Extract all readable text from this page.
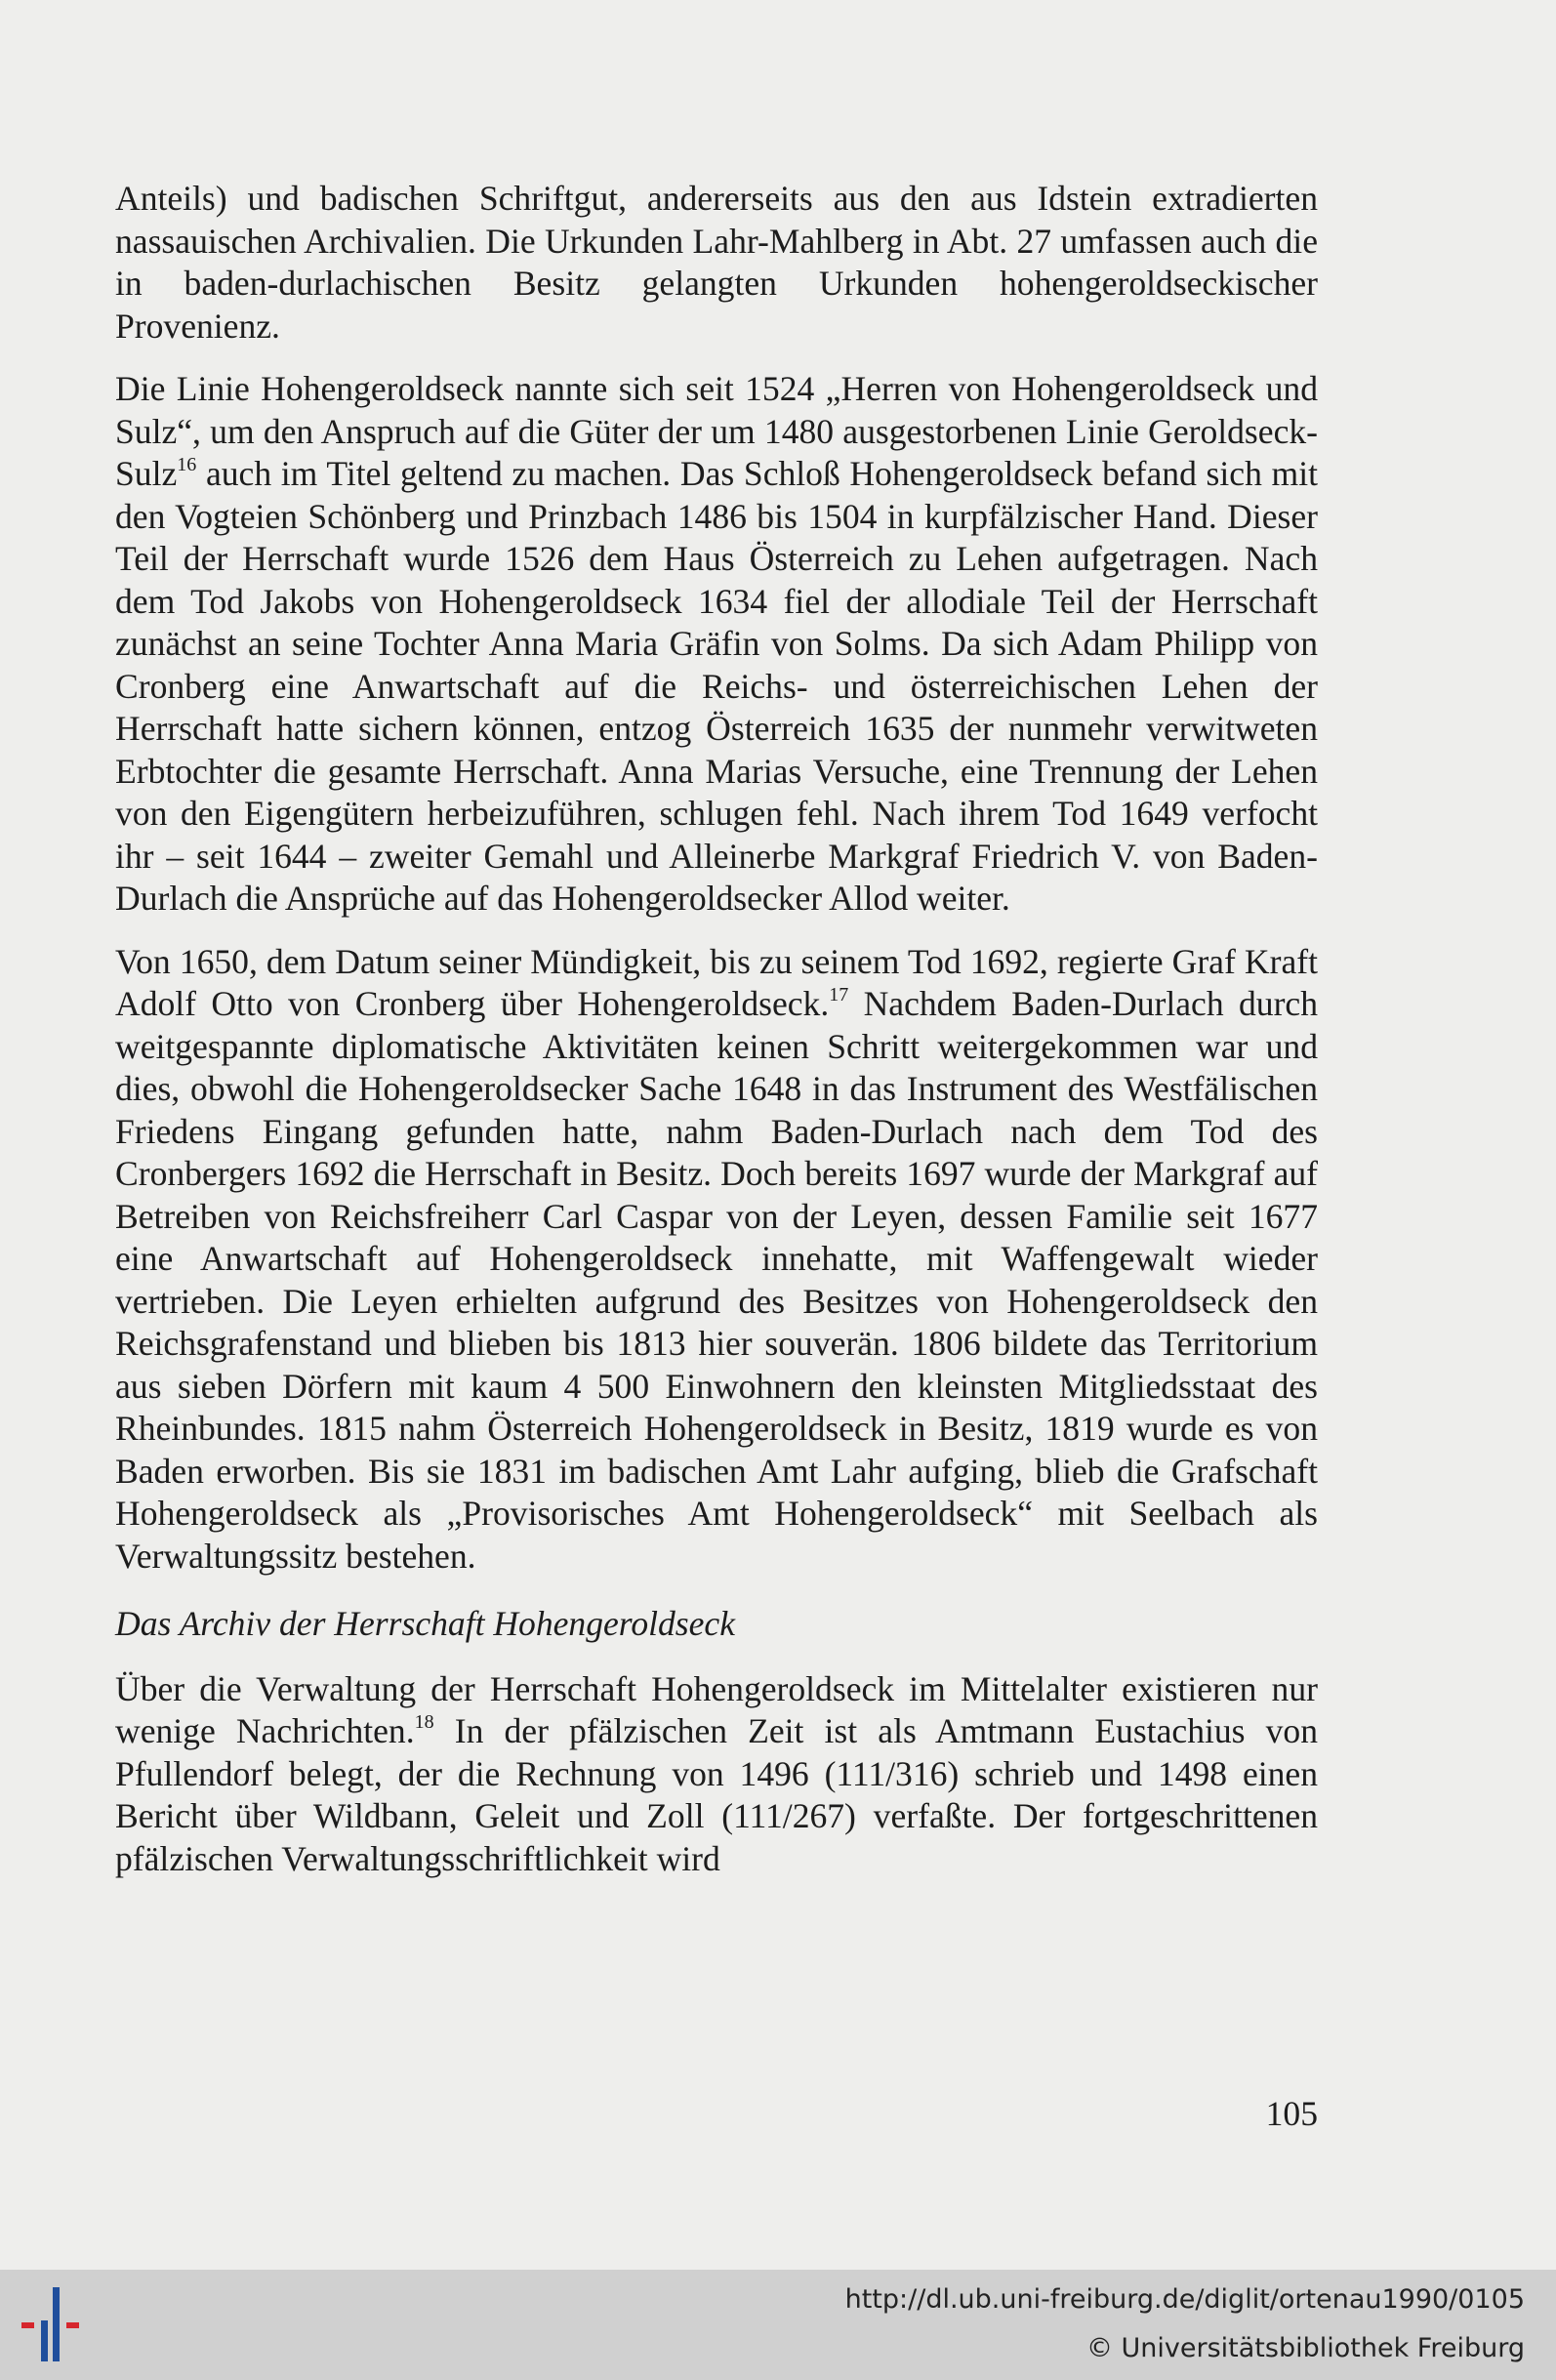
Anteils) und badischen Schriftgut, andererseits aus den aus Idstein extradierten nassauischen Archivalien. Die Urkunden Lahr-Mahlberg in Abt. 27 umfassen auch die in baden-durlachischen Besitz gelangten Urkunden hohengeroldseckischer Provenienz.

Die Linie Hohengeroldseck nannte sich seit 1524 „Herren von Hohengeroldseck und Sulz“, um den Anspruch auf die Güter der um 1480 ausgestorbenen Linie Geroldseck-Sulz$^{16}$ auch im Titel geltend zu machen. Das Schloß Hohengeroldseck befand sich mit den Vogteien Schönberg und Prinzbach 1486 bis 1504 in kurpfälzischer Hand. Dieser Teil der Herrschaft wurde 1526 dem Haus Österreich zu Lehen aufgetragen. Nach dem Tod Jakobs von Hohengeroldseck 1634 fiel der allodiale Teil der Herrschaft zunächst an seine Tochter Anna Maria Gräfin von Solms. Da sich Adam Philipp von Cronberg eine Anwartschaft auf die Reichs- und österreichischen Lehen der Herrschaft hatte sichern können, entzog Österreich 1635 der nunmehr verwitweten Erbtochter die gesamte Herrschaft. Anna Marias Versuche, eine Trennung der Lehen von den Eigengütern herbeizuführen, schlugen fehl. Nach ihrem Tod 1649 verfocht ihr – seit 1644 – zweiter Gemahl und Alleinerbe Markgraf Friedrich V. von Baden-Durlach die Ansprüche auf das Hohengeroldsecker Allod weiter.

Von 1650, dem Datum seiner Mündigkeit, bis zu seinem Tod 1692, regierte Graf Kraft Adolf Otto von Cronberg über Hohengeroldseck.$^{17}$ Nachdem Baden-Durlach durch weitgespannte diplomatische Aktivitäten keinen Schritt weitergekommen war und dies, obwohl die Hohengeroldsecker Sache 1648 in das Instrument des Westfälischen Friedens Eingang gefunden hatte, nahm Baden-Durlach nach dem Tod des Cronbergers 1692 die Herrschaft in Besitz. Doch bereits 1697 wurde der Markgraf auf Betreiben von Reichsfreiherr Carl Caspar von der Leyen, dessen Familie seit 1677 eine Anwartschaft auf Hohengeroldseck innehatte, mit Waffengewalt wieder vertrieben. Die Leyen erhielten aufgrund des Besitzes von Hohengeroldseck den Reichsgrafenstand und blieben bis 1813 hier souverän. 1806 bildete das Territorium aus sieben Dörfern mit kaum 4 500 Einwohnern den kleinsten Mitgliedsstaat des Rheinbundes. 1815 nahm Österreich Hohengeroldseck in Besitz, 1819 wurde es von Baden erworben. Bis sie 1831 im badischen Amt Lahr aufging, blieb die Grafschaft Hohengeroldseck als „Provisorisches Amt Hohengeroldseck“ mit Seelbach als Verwaltungssitz bestehen.

Das Archiv der Herrschaft Hohengeroldseck

Über die Verwaltung der Herrschaft Hohengeroldseck im Mittelalter existieren nur wenige Nachrichten.$^{18}$ In der pfälzischen Zeit ist als Amtmann Eustachius von Pfullendorf belegt, der die Rechnung von 1496 (111/316) schrieb und 1498 einen Bericht über Wildbann, Geleit und Zoll (111/267) verfaßte. Der fortgeschrittenen pfälzischen Verwaltungsschriftlichkeit wird

105
http://dl.ub.uni-freiburg.de/diglit/ortenau1990/0105
© Universitätsbibliothek Freiburg
